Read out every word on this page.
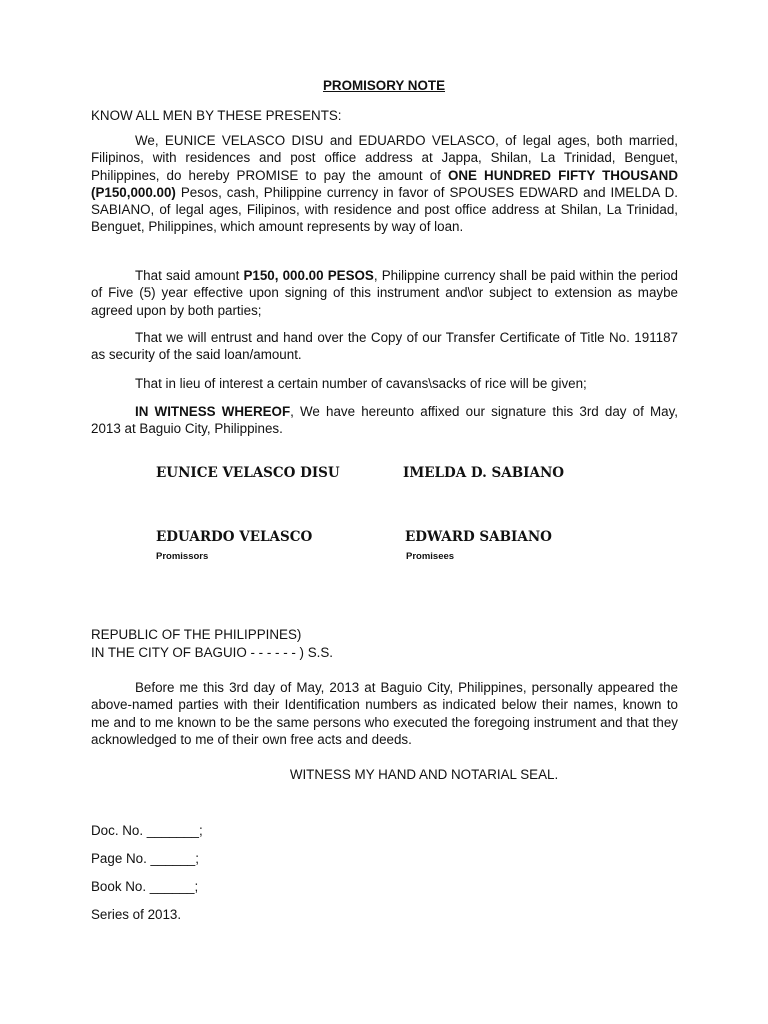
PROMISORY NOTE
KNOW ALL MEN BY THESE PRESENTS:
We, EUNICE VELASCO DISU and EDUARDO VELASCO, of legal ages, both married, Filipinos, with residences and post office address at Jappa, Shilan, La Trinidad, Benguet, Philippines, do hereby PROMISE to pay the amount of ONE HUNDRED FIFTY THOUSAND (P150,000.00) Pesos, cash, Philippine currency in favor of SPOUSES EDWARD and IMELDA D. SABIANO, of legal ages, Filipinos, with residence and post office address at Shilan, La Trinidad, Benguet, Philippines, which amount represents by way of loan.
That said amount P150, 000.00 PESOS, Philippine currency shall be paid within the period of Five (5) year effective upon signing of this instrument and\or subject to extension as maybe agreed upon by both parties;
That we will entrust and hand over the Copy of our Transfer Certificate of Title No. 191187 as security of the said loan/amount.
That in lieu of interest a certain number of cavans\sacks of rice will be given;
IN WITNESS WHEREOF, We have hereunto affixed our signature this 3rd day of May, 2013 at Baguio City, Philippines.
EUNICE VELASCO DISU	IMELDA D. SABIANO
EDUARDO VELASCO	EDWARD SABIANO
Promissors	Promisees
REPUBLIC OF THE PHILIPPINES)
IN THE CITY OF BAGUIO - - - - - - ) S.S.
Before me this 3rd day of May, 2013 at Baguio City, Philippines, personally appeared the above-named parties with their Identification numbers as indicated below their names, known to me and to me known to be the same persons who executed the foregoing instrument and that they acknowledged to me of their own free acts and deeds.
WITNESS MY HAND AND NOTARIAL SEAL.
Doc. No. _______;
Page No. ______;
Book No. ______;
Series of 2013.
